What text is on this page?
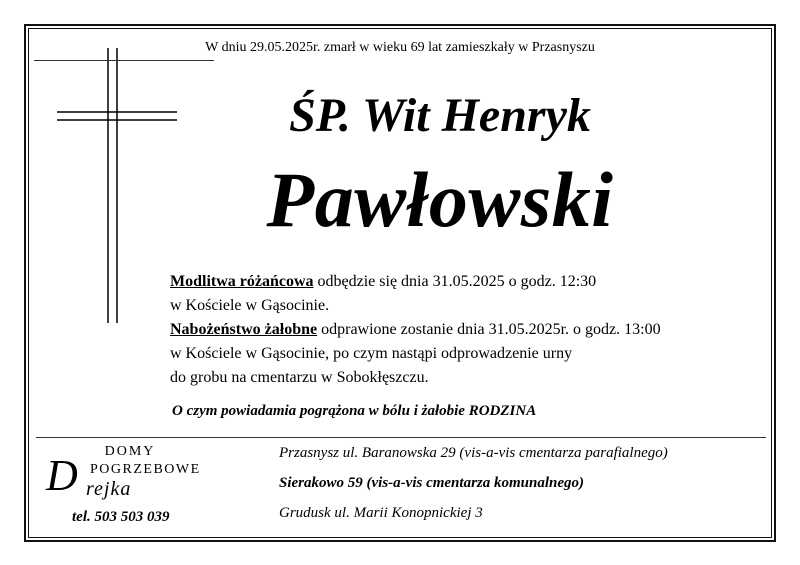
W dniu 29.05.2025r. zmarł w wieku 69 lat zamieszkały w Przasnyszu
ŚP. Wit Henryk
Pawłowski
Modlitwa różańcowa odbędzie się dnia 31.05.2025 o godz. 12:30
w Kościele w Gąsocinie.
Nabożeństwo żałobne odprawione zostanie dnia 31.05.2025r. o godz. 13:00
w Kościele w Gąsocinie, po czym nastąpi odprowadzenie urny
do grobu na cmentarzu w Sobokłęszczu.
O czym powiadamia pogrążona w bólu i żałobie RODZINA
DOMY
POGRZEBOWE
D rejka
tel. 503 503 039
Przasnysz ul. Baranowska 29 (vis-a-vis cmentarza parafialnego)
Sierakowo 59 (vis-a-vis cmentarza komunalnego)
Grudusk ul. Marii Konopnickiej 3
